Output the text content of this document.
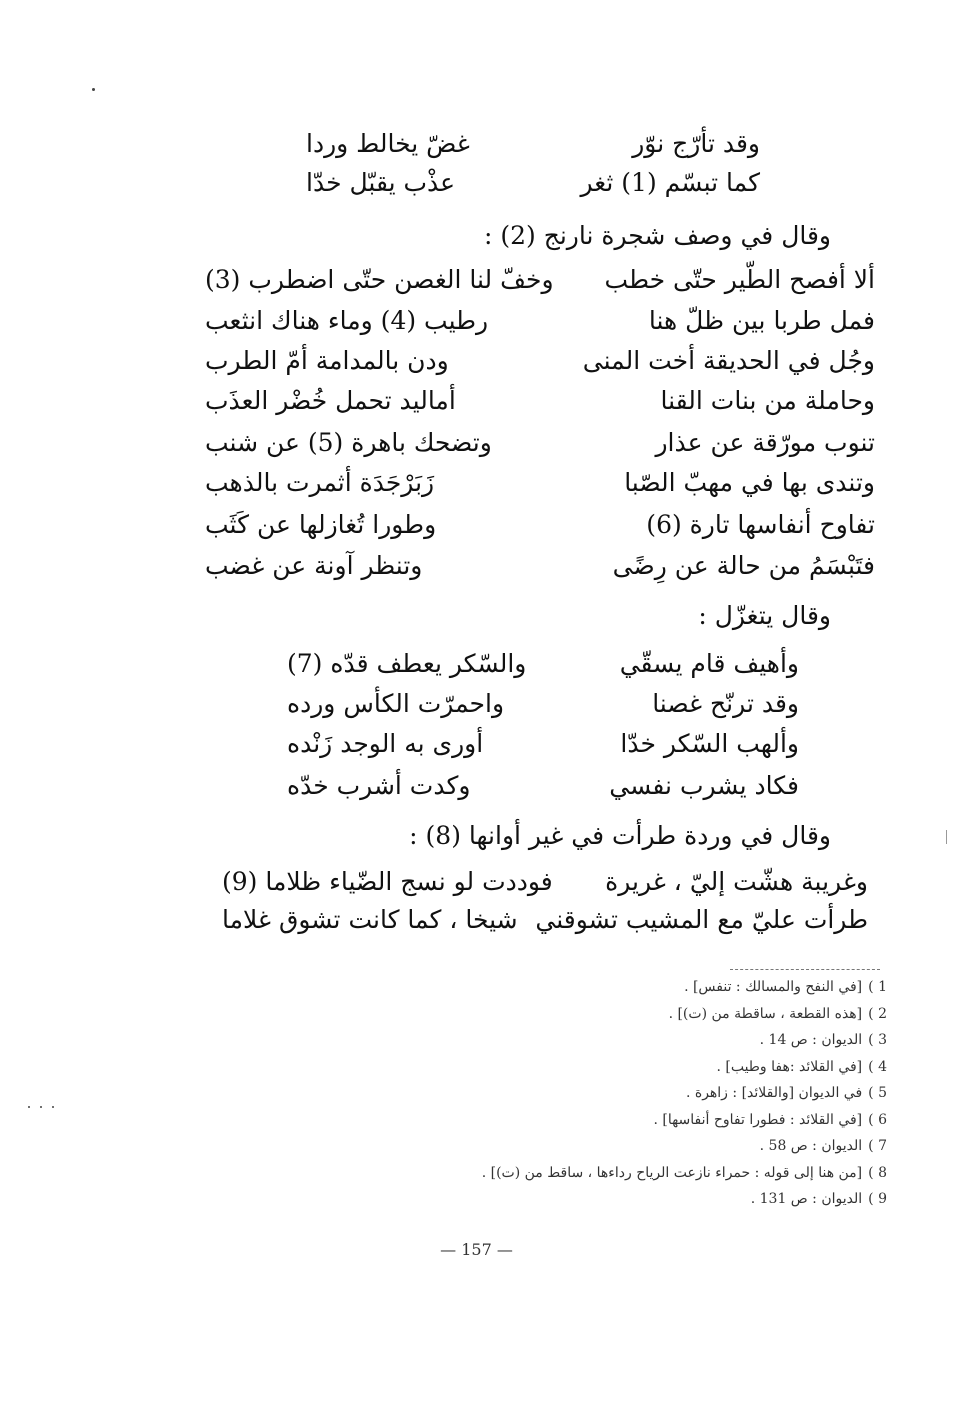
وقد تأرّج نوّر
غضّ يخالط وردا
كما تبسّم (1) ثغر
عذْب يقبّل خدّا
وقال في وصف شجرة نارنج (2) :
ألا أفصح الطّير حتّى خطب
وخفّ لنا الغصن حتّى اضطرب (3)
فمل طربا بين ظلّ هنا
رطيب (4) وماء هناك انثعب
وجُل في الحديقة أخت المنى
ودن بالمدامة أمّ الطرب
وحاملة من بنات القنا
أماليد تحمل خُضْر العذَب
تنوب مورّقة عن عذار
وتضحك باهرة (5) عن شنب
وتندى بها في مهبّ الصّبا
زَبَرْجَدَة أثمرت بالذهب
تفاوح أنفاسها تارة (6)
وطورا تُغازلها عن كَثَب
فتَبْسَمُ من حالة عن رِضًى
وتنظر آونة عن غضب
وقال يتغزّل :
وأهيف قام يسقّي
والسّكر يعطف قدّه (7)
وقد ترنّح غصنا
واحمرّت الكأس ورده
وألهب السّكر خدّا
أورى به الوجد زَنْده
فكاد يشرب نفسي
وكدت أشرب خدّه
وقال في وردة طرأت في غير أوانها (8) :
وغريبة هشّت إليّ ، غريرة
فوددت لو نسج الضّياء ظلاما (9)
طرأت عليّ مع المشيب تشوقني
شيخا ، كما كانت تشوق غلاما
1 )[في النفح والمسالك : تنفس] .
2 )[هذه القطعة ، ساقطة من (ت)] .
3 )الديوان : ص 14 .
4 )[في القلائد :هفا وطيب] .
5 )في الديوان [والقلائد] : زاهرة .
6 )[في القلائد : فطورا تفاوح أنفاسها] .
7 )الديوان : ص 58 .
8 )[من هنا إلى قوله : حمراء نازعت الرياح رداءها ، ساقط من (ت)] .
9 )الديوان : ص 131 .
— 157 —
